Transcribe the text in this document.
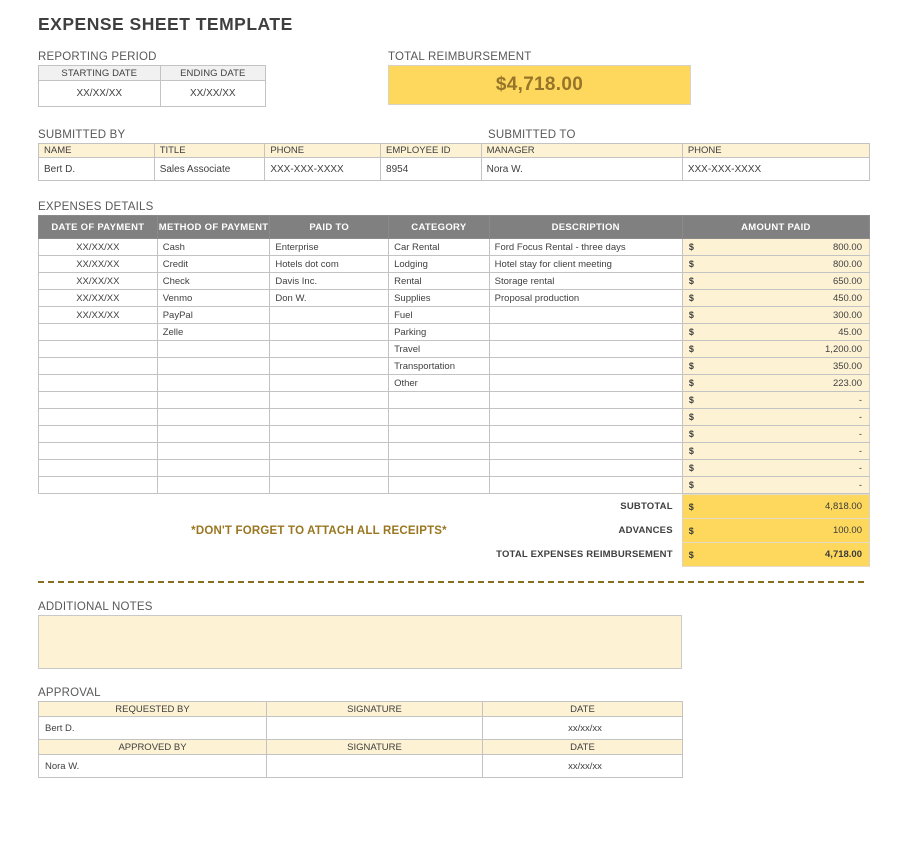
EXPENSE SHEET TEMPLATE
REPORTING PERIOD
STARTING DATE	ENDING DATE
XX/XX/XX	XX/XX/XX
TOTAL REIMBURSEMENT
$4,718.00
SUBMITTED BY	SUBMITTED TO
NAME	TITLE	PHONE	EMPLOYEE ID	MANAGER	PHONE
Bert D.	Sales Associate	XXX-XXX-XXXX	8954	Nora W.	XXX-XXX-XXXX
EXPENSES DETAILS
DATE OF PAYMENT	METHOD OF PAYMENT	PAID TO	CATEGORY	DESCRIPTION	AMOUNT PAID	
XX/XX/XX	Cash	Enterprise	Car Rental	Ford Focus Rental - three days	$	800.00
XX/XX/XX	Credit	Hotels dot com	Lodging	Hotel stay for client meeting	$	800.00
XX/XX/XX	Check	Davis Inc.	Rental	Storage rental	$	650.00
XX/XX/XX	Venmo	Don W.	Supplies	Proposal production	$	450.00
XX/XX/XX	PayPal		Fuel		$	300.00
	Zelle		Parking		$	45.00
			Travel		$	1,200.00
			Transportation		$	350.00
			Other		$	223.00
					$	-
					$	-
					$	-
					$	-
					$	-
					$	-
SUBTOTAL	$	4,818.00

*DON'T FORGET TO ATTACH ALL RECEIPTS* ADVANCES	$	100.00
TOTAL EXPENSES REIMBURSEMENT	$	4,718.00
ADDITIONAL NOTES
APPROVAL
REQUESTED BY	SIGNATURE	DATE
Bert D.		xx/xx/xx
APPROVED BY	SIGNATURE	DATE
Nora W.		xx/xx/xx
